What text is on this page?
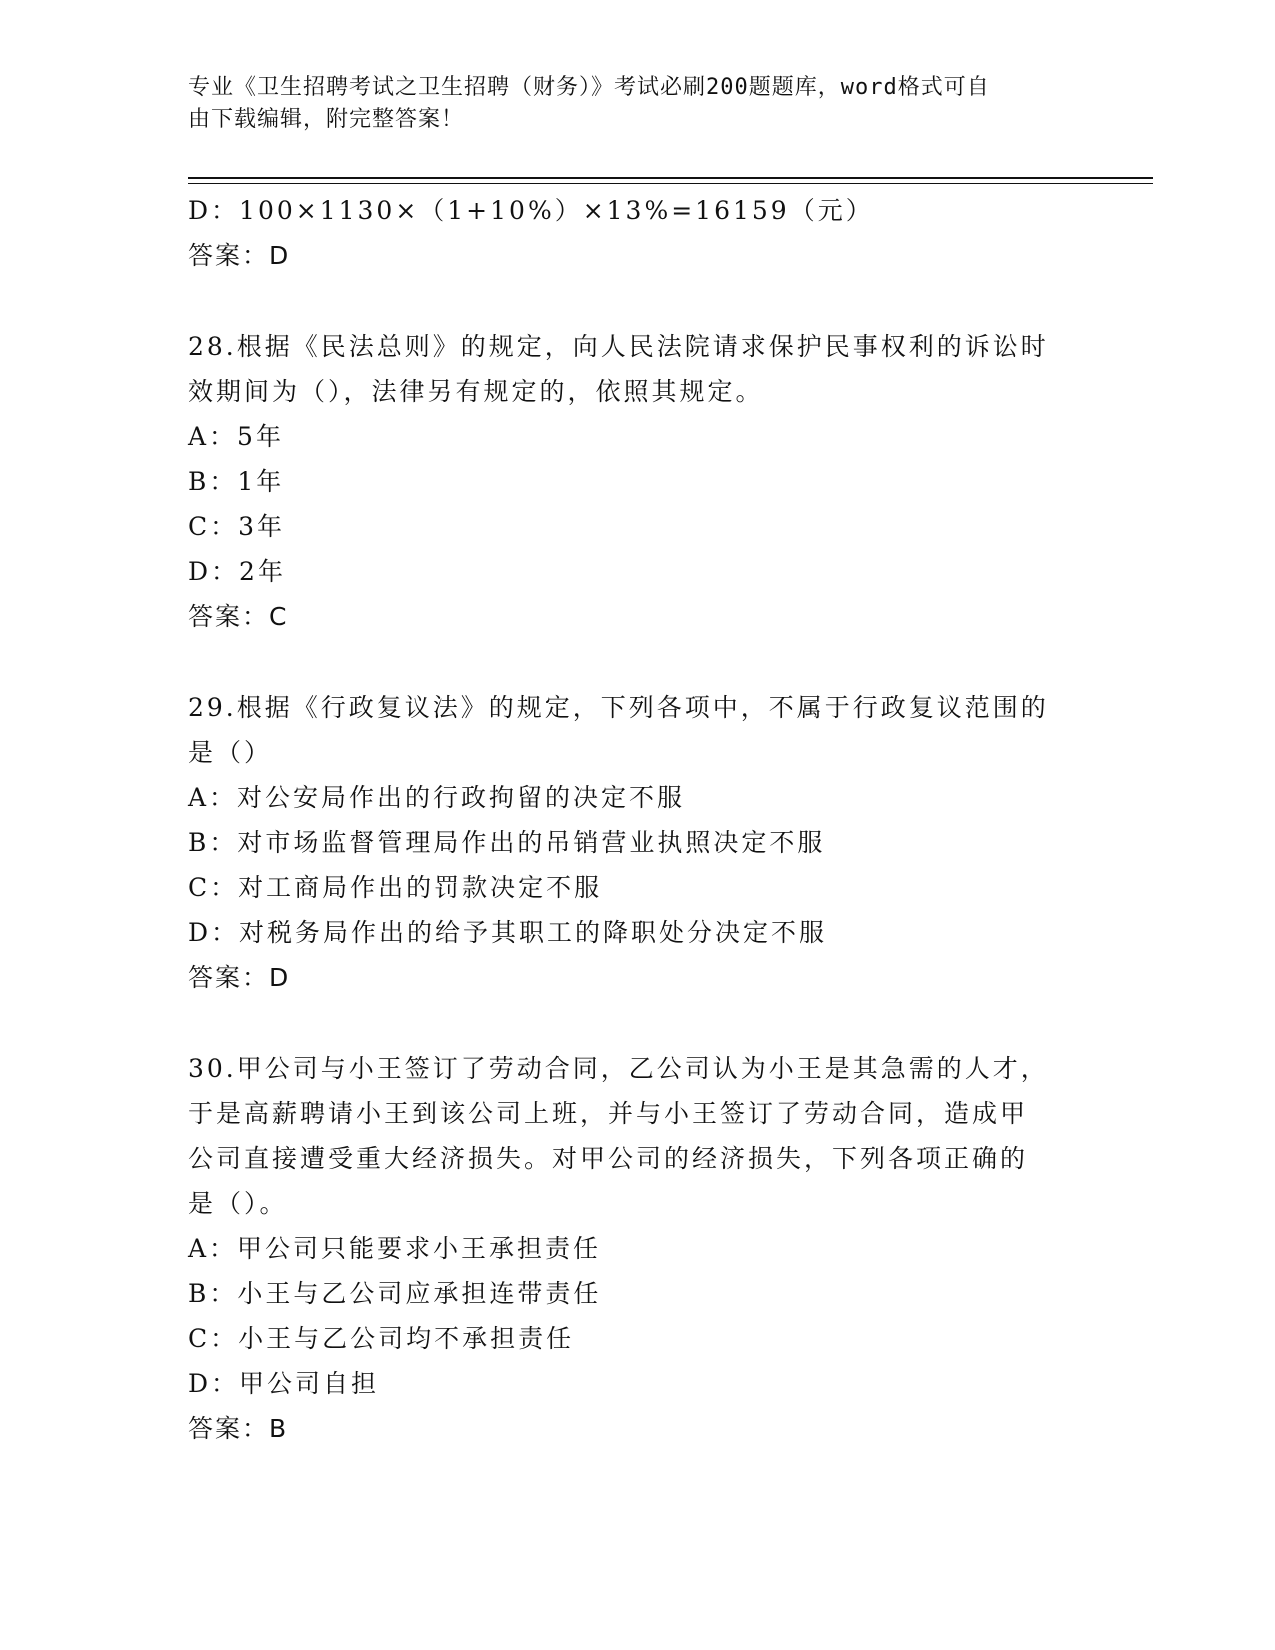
专业《卫生招聘考试之卫生招聘（财务）》考试必刷200题题库，word格式可自
由下载编辑，附完整答案！
D：100×1130×（1+10%）×13%=16159（元）
答案：D
28.根据《民法总则》的规定，向人民法院请求保护民事权利的诉讼时
效期间为（），法律另有规定的，依照其规定。
A：5年
B：1年
C：3年
D：2年
答案：C
29.根据《行政复议法》的规定，下列各项中，不属于行政复议范围的
是（）
A：对公安局作出的行政拘留的决定不服
B：对市场监督管理局作出的吊销营业执照决定不服
C：对工商局作出的罚款决定不服
D：对税务局作出的给予其职工的降职处分决定不服
答案：D
30.甲公司与小王签订了劳动合同，乙公司认为小王是其急需的人才，
于是高薪聘请小王到该公司上班，并与小王签订了劳动合同，造成甲
公司直接遭受重大经济损失。对甲公司的经济损失，下列各项正确的
是（）。
A：甲公司只能要求小王承担责任
B：小王与乙公司应承担连带责任
C：小王与乙公司均不承担责任
D：甲公司自担
答案：B
